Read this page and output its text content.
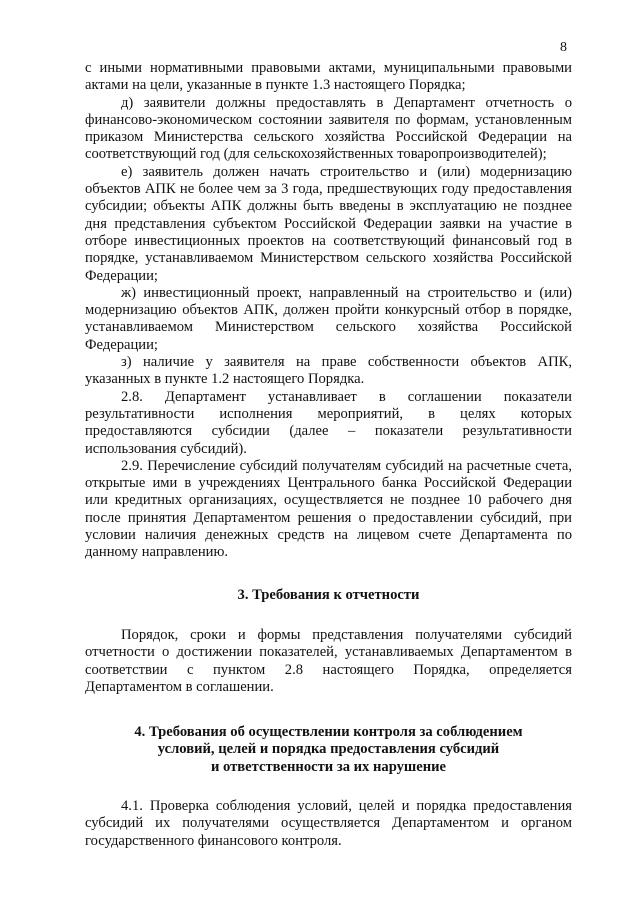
8

с иными нормативными правовыми актами, муниципальными правовыми актами на цели, указанные в пункте 1.3 настоящего Порядка;

д) заявители должны предоставлять в Департамент отчетность о финансово-экономическом состоянии заявителя по формам, установленным приказом Министерства сельского хозяйства Российской Федерации на соответствующий год (для сельскохозяйственных товаропроизводителей);

е) заявитель должен начать строительство и (или) модернизацию объектов АПК не более чем за 3 года, предшествующих году предоставления субсидии; объекты АПК должны быть введены в эксплуатацию не позднее дня представления субъектом Российской Федерации заявки на участие в отборе инвестиционных проектов на соответствующий финансовый год в порядке, устанавливаемом Министерством сельского хозяйства Российской Федерации;

ж) инвестиционный проект, направленный на строительство и (или) модернизацию объектов АПК, должен пройти конкурсный отбор в порядке, устанавливаемом Министерством сельского хозяйства Российской Федерации;

з) наличие у заявителя на праве собственности объектов АПК, указанных в пункте 1.2 настоящего Порядка.

2.8. Департамент устанавливает в соглашении показатели результативности исполнения мероприятий, в целях которых предоставляются субсидии (далее – показатели результативности использования субсидий).

2.9. Перечисление субсидий получателям субсидий на расчетные счета, открытые ими в учреждениях Центрального банка Российской Федерации или кредитных организациях, осуществляется не позднее 10 рабочего дня после принятия Департаментом решения о предоставлении субсидий, при условии наличия денежных средств на лицевом счете Департамента по данному направлению.

3. Требования к отчетности

Порядок, сроки и формы представления получателями субсидий отчетности о достижении показателей, устанавливаемых Департаментом в соответствии с пунктом 2.8 настоящего Порядка, определяется Департаментом в соглашении.

4. Требования об осуществлении контроля за соблюдением
условий, целей и порядка предоставления субсидий
и ответственности за их нарушение

4.1. Проверка соблюдения условий, целей и порядка предоставления субсидий их получателями осуществляется Департаментом и органом государственного финансового контроля.
